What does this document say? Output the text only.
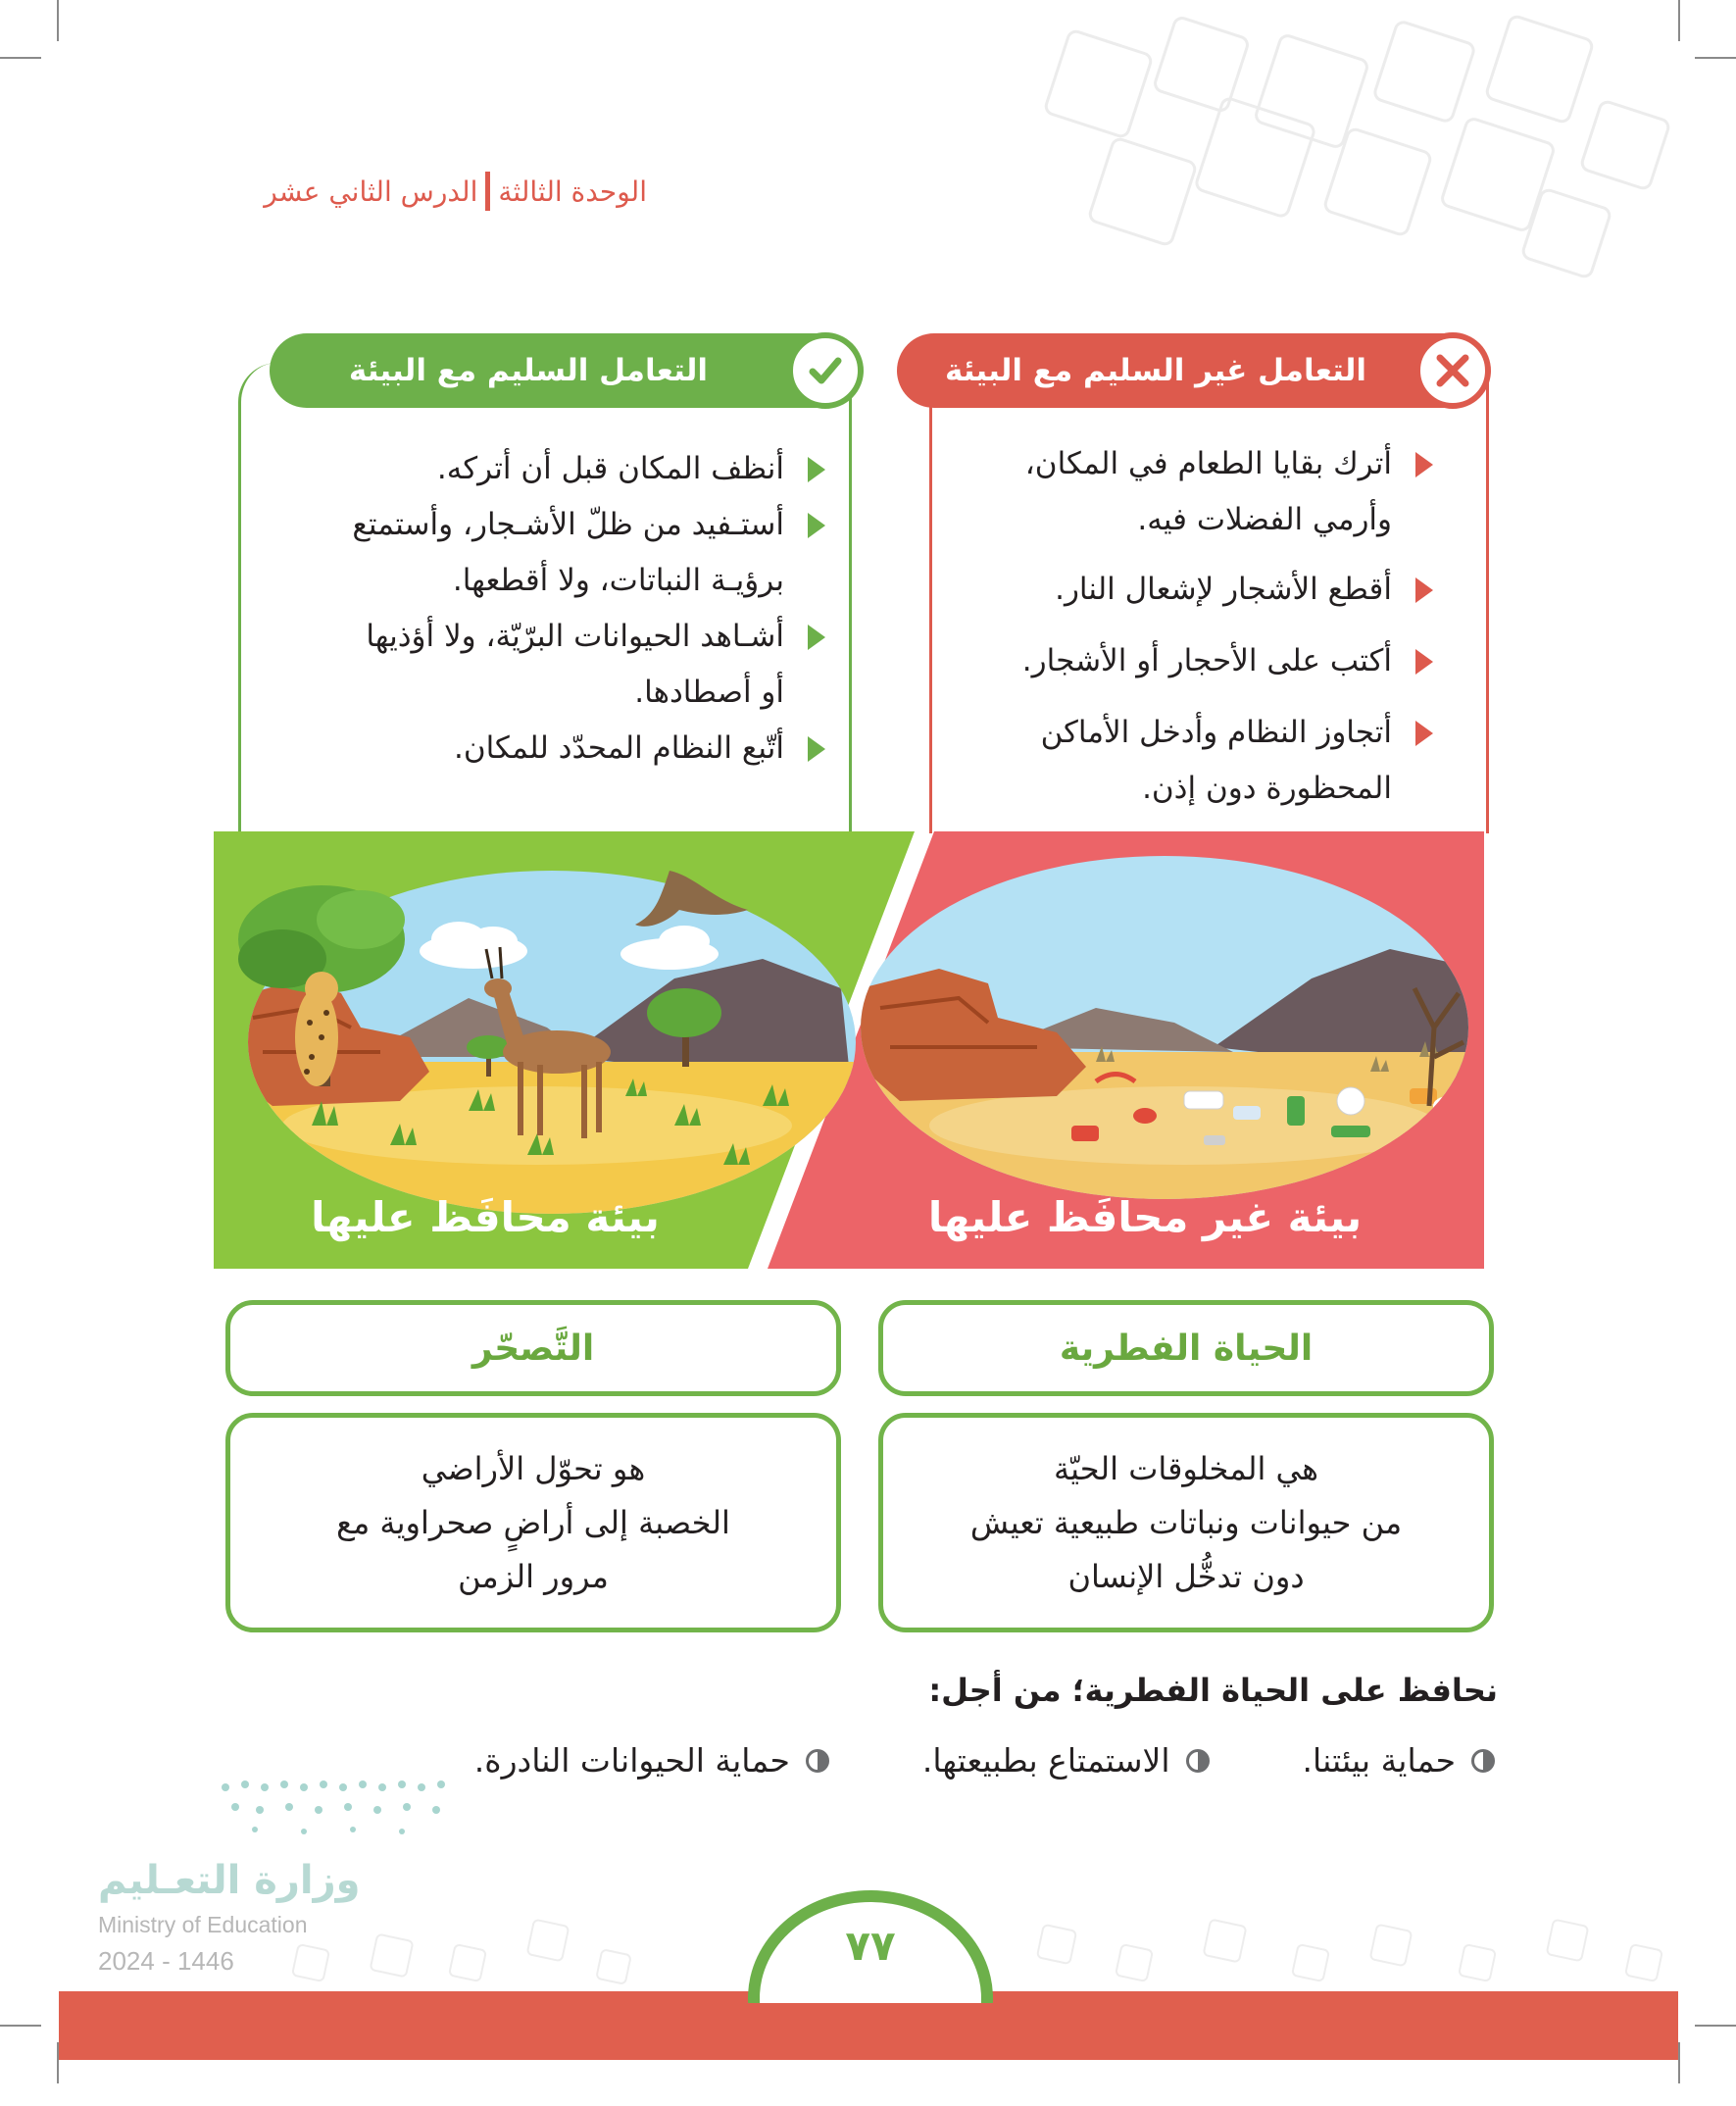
الوحدة الثالثة
الدرس الثاني عشر
التعامل غير السليم مع البيئة
أترك بقايا الطعام في المكان،
وأرمي الفضلات فيه.
أقطع الأشجار لإشعال النار.
أكتب على الأحجار أو الأشجار.
أتجاوز النظام وأدخل الأماكن
المحظورة دون إذن.
التعامل السليم مع البيئة
أنظف المكان قبل أن أتركه.
أستـفيد من ظلّ الأشـجار، وأستمتع
برؤيـة النباتات، ولا أقطعها.
أشـاهد الحيوانات البرّيّة، ولا أؤذيها
أو أصطادها.
أتّبع النظام المحدّد للمكان.
بيئة محافَظ عليها	بيئة غير محافَظ عليها
الحياة الفطرية
التَّصحّر
هي المخلوقات الحيّة
من حيوانات ونباتات طبيعية تعيش
دون تدخُّل الإنسان
هو تحوّل الأراضي
الخصبة إلى أراضٍ صحراوية مع
مرور الزمن
نحافظ على الحياة الفطرية؛ من أجل:
حماية بيئتنا.
الاستمتاع بطبيعتها.
حماية الحيوانات النادرة.
وزارة التعـليم
Ministry of Education
2024 - 1446	٧٧
